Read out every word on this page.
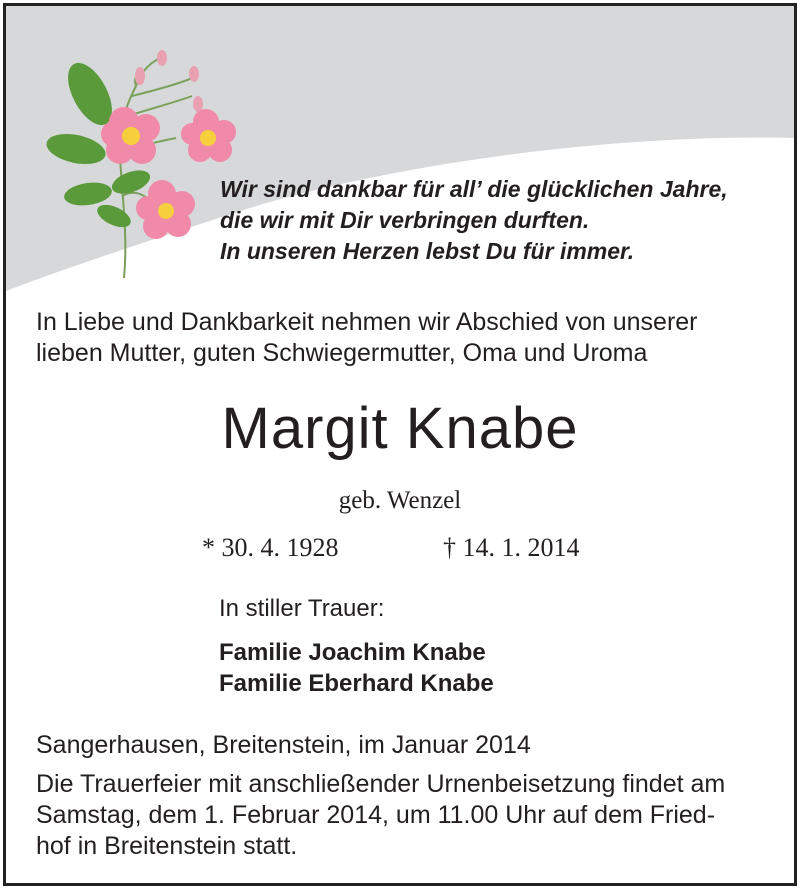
Wir sind dankbar für all’ die glücklichen Jahre,
die wir mit Dir verbringen durften.
In unseren Herzen lebst Du für immer.
In Liebe und Dankbarkeit nehmen wir Abschied von unserer
lieben Mutter, guten Schwiegermutter, Oma und Uroma
Margit Knabe
geb. Wenzel
* 30. 4. 1928	† 14. 1. 2014
In stiller Trauer:
Familie Joachim Knabe
Familie Eberhard Knabe
Sangerhausen, Breitenstein, im Januar 2014
Die Trauerfeier mit anschließender Urnenbeisetzung findet am
Samstag, dem 1. Februar 2014, um 11.00 Uhr auf dem Fried-
hof in Breitenstein statt.
